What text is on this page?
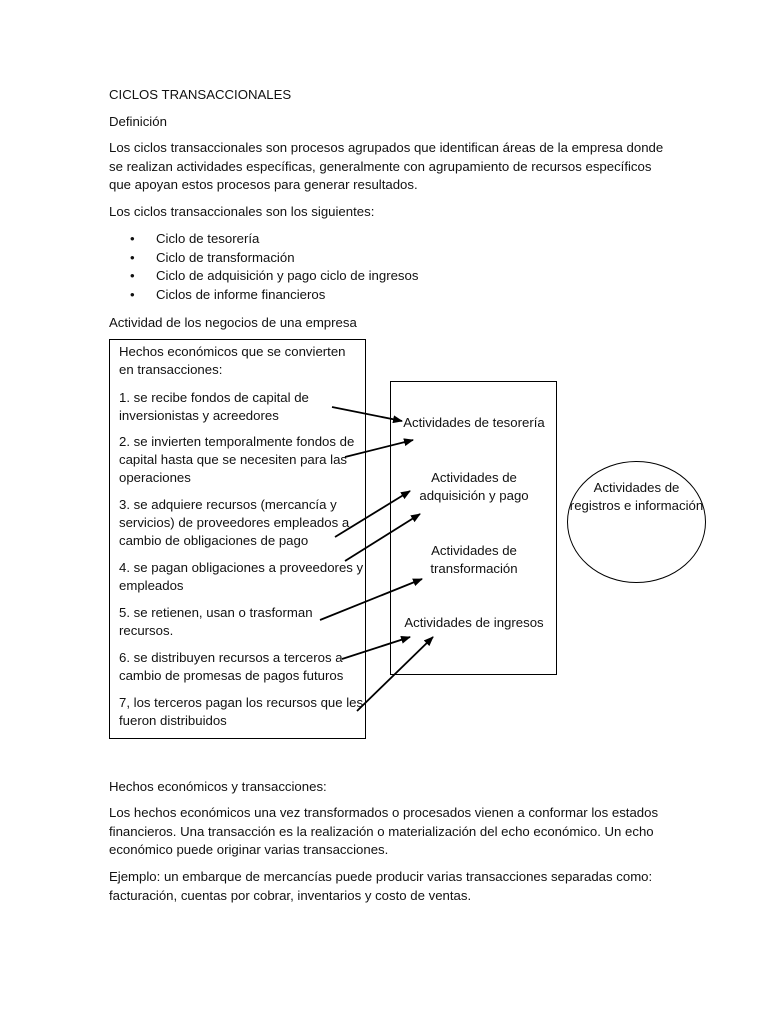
CICLOS TRANSACCIONALES
Definición
Los ciclos transaccionales son procesos agrupados que identifican áreas de la empresa donde se realizan actividades específicas, generalmente con agrupamiento de recursos específicos que apoyan estos procesos para generar resultados.
Los ciclos transaccionales son los siguientes:
• Ciclo de tesorería
• Ciclo de transformación
• Ciclo de adquisición y pago ciclo de ingresos
• Ciclos de informe financieros
Actividad de los negocios de una empresa
Hechos económicos que se convierten en transacciones:
1. se recibe fondos de capital de inversionistas y acreedores
2. se invierten temporalmente fondos de capital hasta que se necesiten para las operaciones
3. se adquiere recursos (mercancía y servicios) de proveedores empleados a cambio de obligaciones de pago
4. se pagan obligaciones a proveedores y empleados
5. se retienen, usan o trasforman recursos.
6. se distribuyen recursos a terceros a cambio de promesas de pagos futuros
7, los terceros pagan los recursos que les fueron distribuidos
Actividades de tesorería
Actividades de adquisición y pago
Actividades de transformación
Actividades de ingresos
Actividades de registros e información
Hechos económicos y transacciones:
Los hechos económicos una vez transformados o procesados vienen a conformar los estados financieros. Una transacción es la realización o materialización del echo económico. Un echo económico puede originar varias transacciones.
Ejemplo: un embarque de mercancías puede producir varias transacciones separadas como: facturación, cuentas por cobrar, inventarios y costo de ventas.
